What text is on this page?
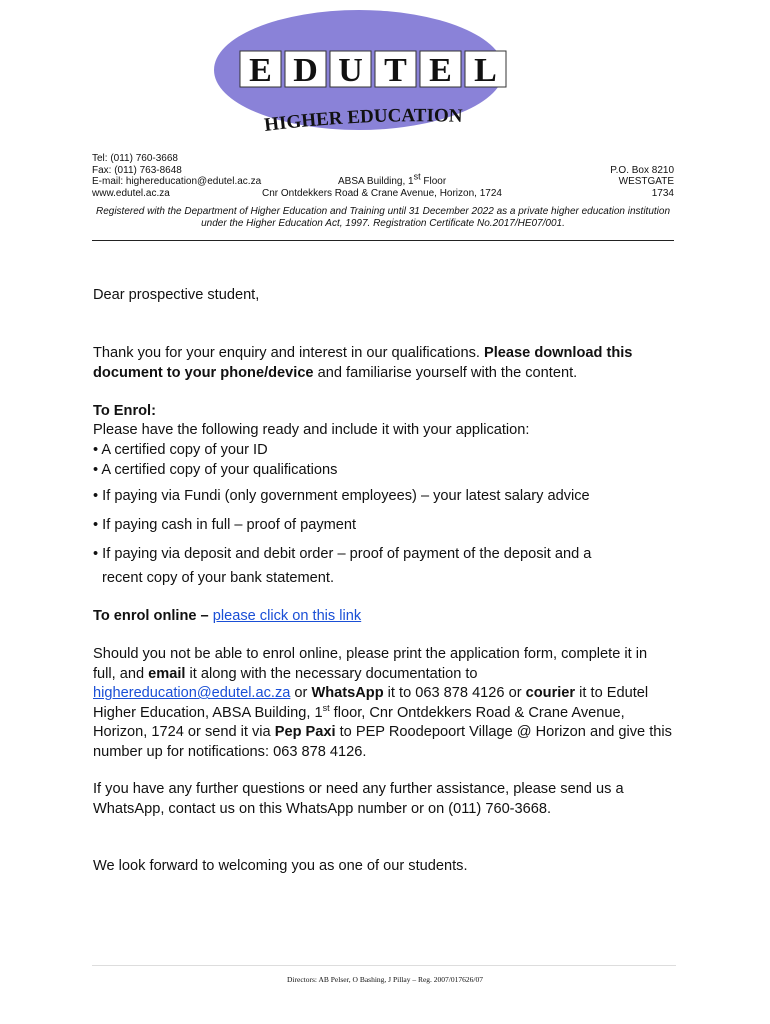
E D U T E L
HIGHER EDUCATION
Tel: (011) 760-3668
Fax: (011) 763-8648	P.O. Box 8210
E-mail: highereducation@edutel.ac.za	ABSA Building, 1st Floor	WESTGATE
www.edutel.ac.za	Cnr Ontdekkers Road & Crane Avenue, Horizon, 1724	1734
Registered with the Department of Higher Education and Training until 31 December 2022 as a private higher education institution under the Higher Education Act, 1997. Registration Certificate No.2017/HE07/001.

Dear prospective student,

Thank you for your enquiry and interest in our qualifications. Please download this document to your phone/device and familiarise yourself with the content.

To Enrol:

Please have the following ready and include it with your application:

• A certified copy of your ID

• A certified copy of your qualifications

• If paying via Fundi (only government employees) – your latest salary advice

• If paying cash in full – proof of payment

• If paying via deposit and debit order – proof of payment of the deposit and a

recent copy of your bank statement.

To enrol online – please click on this link

Should you not be able to enrol online, please print the application form, complete it in full, and email it along with the necessary documentation to highereducation@edutel.ac.za or WhatsApp it to 063 878 4126 or courier it to Edutel Higher Education, ABSA Building, 1st floor, Cnr Ontdekkers Road & Crane Avenue, Horizon, 1724 or send it via Pep Paxi to PEP Roodepoort Village @ Horizon and give this number up for notifications: 063 878 4126.

If you have any further questions or need any further assistance, please send us a WhatsApp, contact us on this WhatsApp number or on (011) 760-3668.

We look forward to welcoming you as one of our students.

Directors: AB Pelser, O Bashing, J Pillay – Reg. 2007/017626/07
